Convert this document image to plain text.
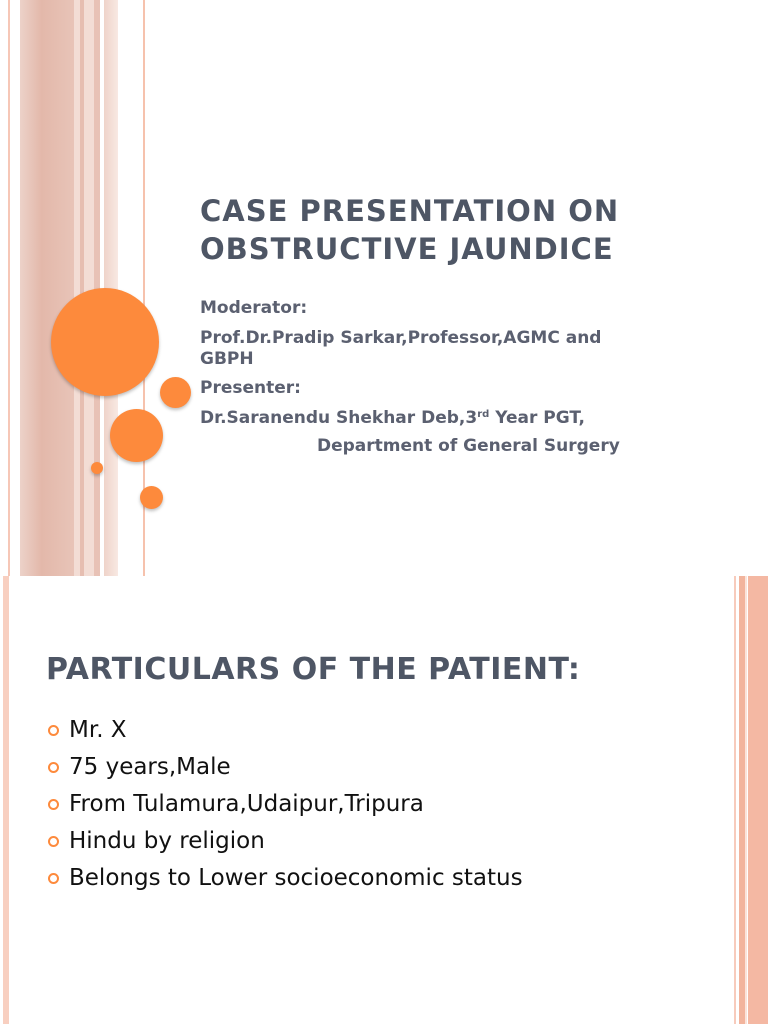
CASE PRESENTATION ON
OBSTRUCTIVE JAUNDICE

Moderator:

Prof.Dr.Pradip Sarkar,Professor,AGMC and
GBPH

Presenter:

Dr.Saranendu Shekhar Deb,3rd Year PGT,

Department of General Surgery

PARTICULARS OF THE PATIENT:
Mr. X
75 years,Male
From Tulamura,Udaipur,Tripura
Hindu by religion
Belongs to Lower socioeconomic status
